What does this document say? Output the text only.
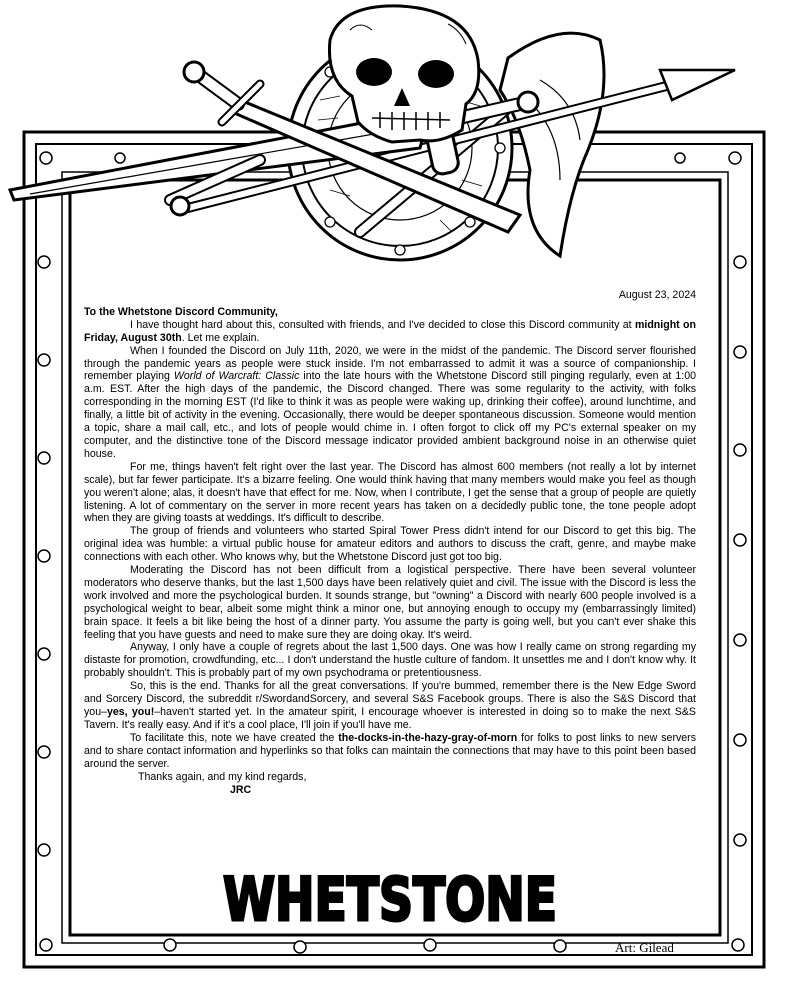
August 23, 2024
To the Whetstone Discord Community,

I have thought hard about this, consulted with friends, and I've decided to close this Discord community at midnight on Friday, August 30th. Let me explain.

When I founded the Discord on July 11th, 2020, we were in the midst of the pandemic. The Discord server flourished through the pandemic years as people were stuck inside. I'm not embarrassed to admit it was a source of companionship. I remember playing World of Warcraft: Classic into the late hours with the Whetstone Discord still pinging regularly, even at 1:00 a.m. EST. After the high days of the pandemic, the Discord changed. There was some regularity to the activity, with folks corresponding in the morning EST (I'd like to think it was as people were waking up, drinking their coffee), around lunchtime, and finally, a little bit of activity in the evening. Occasionally, there would be deeper spontaneous discussion. Someone would mention a topic, share a mail call, etc., and lots of people would chime in. I often forgot to click off my PC's external speaker on my computer, and the distinctive tone of the Discord message indicator provided ambient background noise in an otherwise quiet house.

For me, things haven't felt right over the last year. The Discord has almost 600 members (not really a lot by internet scale), but far fewer participate. It's a bizarre feeling. One would think having that many members would make you feel as though you weren't alone; alas, it doesn't have that effect for me. Now, when I contribute, I get the sense that a group of people are quietly listening. A lot of commentary on the server in more recent years has taken on a decidedly public tone, the tone people adopt when they are giving toasts at weddings. It's difficult to describe.

The group of friends and volunteers who started Spiral Tower Press didn't intend for our Discord to get this big. The original idea was humble: a virtual public house for amateur editors and authors to discuss the craft, genre, and maybe make connections with each other. Who knows why, but the Whetstone Discord just got too big.

Moderating the Discord has not been difficult from a logistical perspective. There have been several volunteer moderators who deserve thanks, but the last 1,500 days have been relatively quiet and civil. The issue with the Discord is less the work involved and more the psychological burden. It sounds strange, but "owning" a Discord with nearly 600 people involved is a psychological weight to bear, albeit some might think a minor one, but annoying enough to occupy my (embarrassingly limited) brain space. It feels a bit like being the host of a dinner party. You assume the party is going well, but you can't ever shake this feeling that you have guests and need to make sure they are doing okay. It's weird.

Anyway, I only have a couple of regrets about the last 1,500 days. One was how I really came on strong regarding my distaste for promotion, crowdfunding, etc... I don't understand the hustle culture of fandom. It unsettles me and I don't know why. It probably shouldn't. This is probably part of my own psychodrama or pretentiousness.

So, this is the end. Thanks for all the great conversations. If you're bummed, remember there is the New Edge Sword and Sorcery Discord, the subreddit r/SwordandSorcery, and several S&S Facebook groups. There is also the S&S Discord that you–yes, you!–haven't started yet. In the amateur spirit, I encourage whoever is interested in doing so to make the next S&S Tavern. It's really easy. And if it's a cool place, I'll join if you'll have me.

To facilitate this, note we have created the the-docks-in-the-hazy-gray-of-morn for folks to post links to new servers and to share contact information and hyperlinks so that folks can maintain the connections that may have to this point been based around the server.

Thanks again, and my kind regards,
JRC
WHETSTONE
Art: Gilead
